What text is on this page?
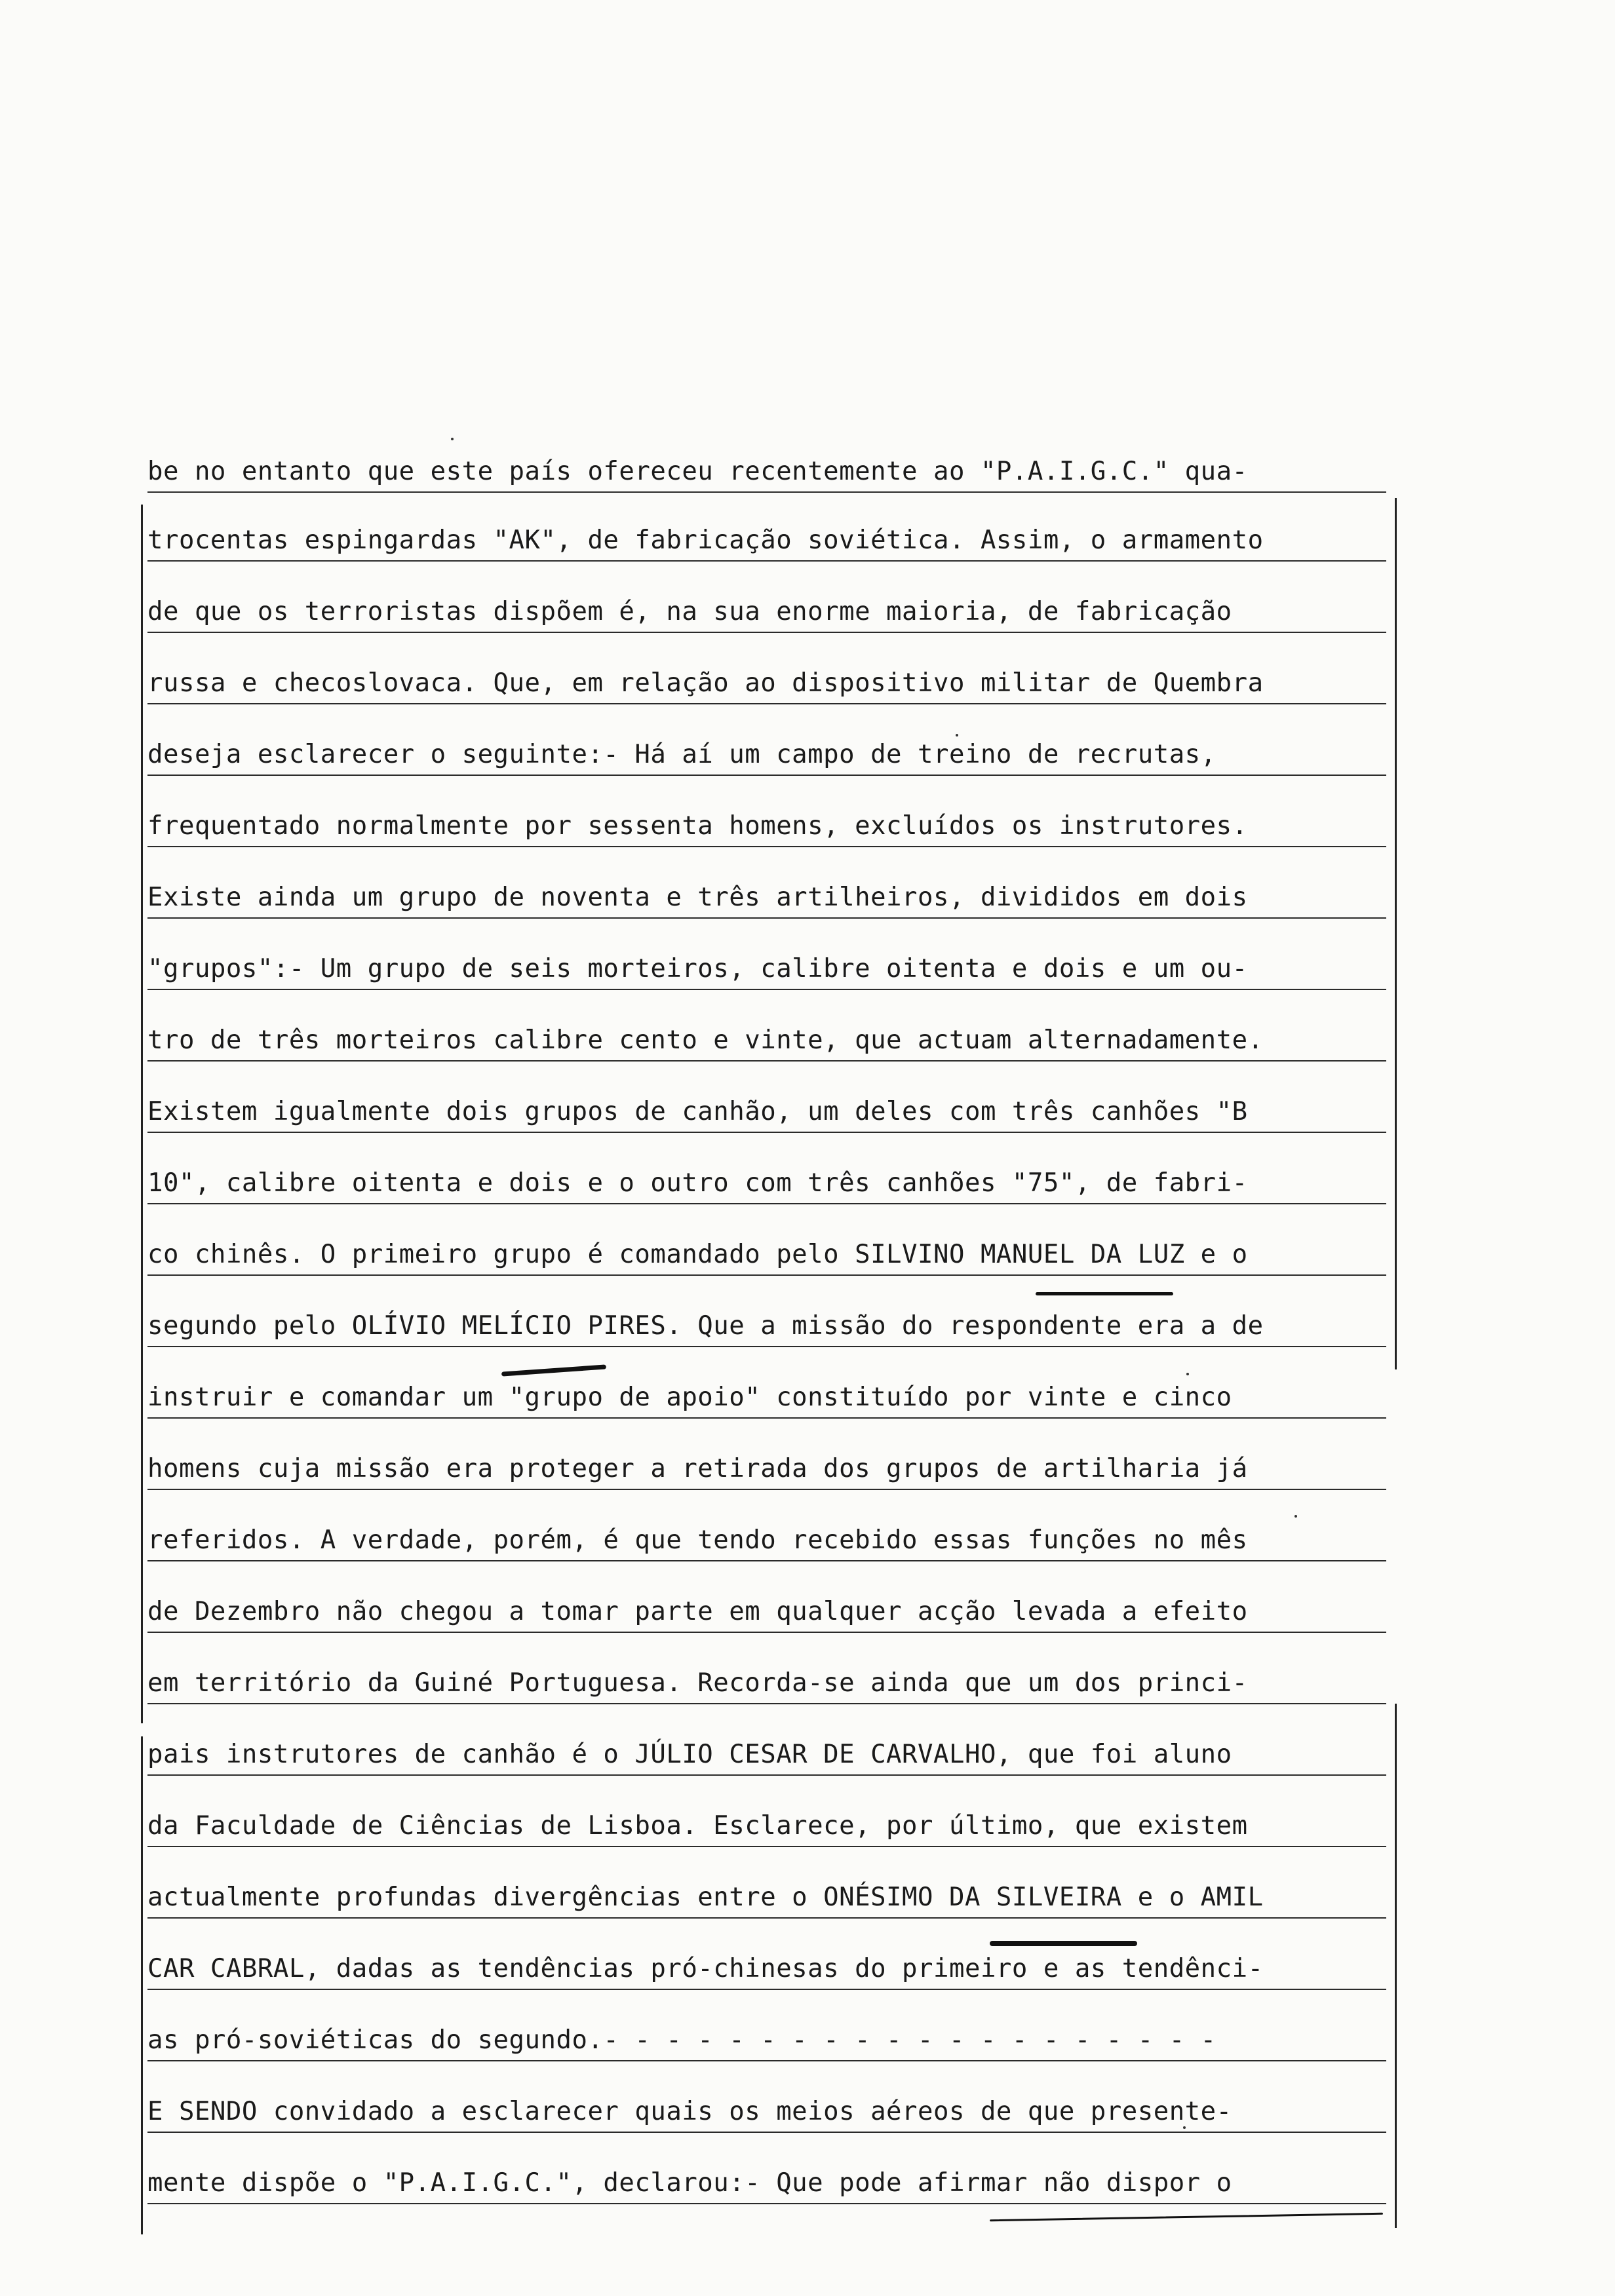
be no entanto que este país ofereceu recentemente ao "P.A.I.G.C." qua-
trocentas espingardas "AK", de fabricação soviética. Assim, o armamento
de que os terroristas dispõem é, na sua enorme maioria, de fabricação
russa e checoslovaca. Que, em relação ao dispositivo militar de Quembra
deseja esclarecer o seguinte:- Há aí um campo de treino de recrutas,
frequentado normalmente por sessenta homens, excluídos os instrutores.
Existe ainda um grupo de noventa e três artilheiros, divididos em dois
"grupos":- Um grupo de seis morteiros, calibre oitenta e dois e um ou-
tro de três morteiros calibre cento e vinte, que actuam alternadamente.
Existem igualmente dois grupos de canhão, um deles com três canhões "B
10", calibre oitenta e dois e o outro com três canhões "75", de fabri-
co chinês. O primeiro grupo é comandado pelo SILVINO MANUEL DA LUZ e o
segundo pelo OLÍVIO MELÍCIO PIRES. Que a missão do respondente era a de
instruir e comandar um "grupo de apoio" constituído por vinte e cinco
homens cuja missão era proteger a retirada dos grupos de artilharia já
referidos. A verdade, porém, é que tendo recebido essas funções no mês
de Dezembro não chegou a tomar parte em qualquer acção levada a efeito
em território da Guiné Portuguesa. Recorda-se ainda que um dos princi-
pais instrutores de canhão é o JÚLIO CESAR DE CARVALHO, que foi aluno
da Faculdade de Ciências de Lisboa. Esclarece, por último, que existem
actualmente profundas divergências entre o ONÉSIMO DA SILVEIRA e o AMIL
CAR CABRAL, dadas as tendências pró-chinesas do primeiro e as tendênci-
as pró-soviéticas do segundo.- - - - - - - - - - - - - - - - - - - -
E SENDO convidado a esclarecer quais os meios aéreos de que presente-
mente dispõe o "P.A.I.G.C.", declarou:- Que pode afirmar não dispor o
